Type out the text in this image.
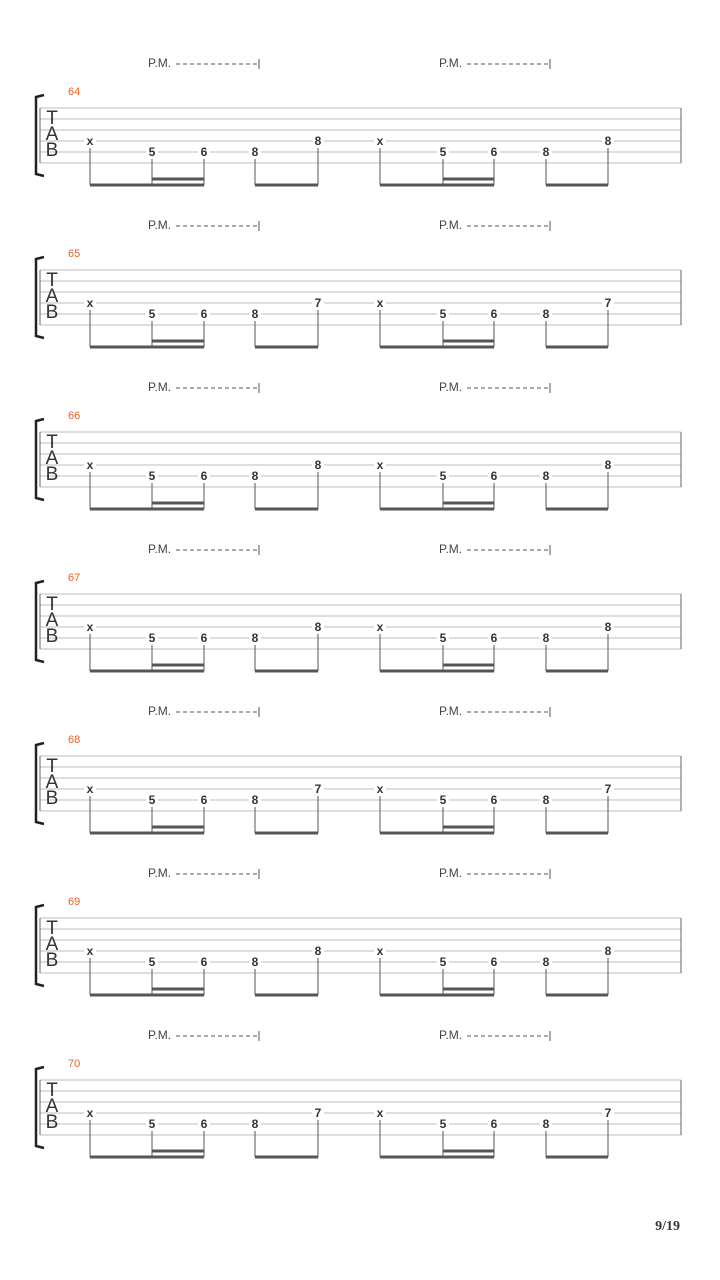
P.M.	P.M.
64
T
A
B x
5	6	8
8	x
5	6	8
8
P.M.	P.M.
65
T
A
B x
5	6	8
7	x
5	6	8
7
P.M.	P.M.
66
T
A
B x
5	6	8
8	x
5	6	8
8
P.M.	P.M.
67
T
A
B x
5	6	8
8	x
5	6	8
8
P.M.	P.M.
68
T
A
B x
5	6	8
7	x
5	6	8
7
P.M.	P.M.
69
T
A
B x
5	6	8
8	x
5	6	8
8
P.M.	P.M.
70
T
A
B x
5	6	8
7	x
5	6	8
7
9/19
